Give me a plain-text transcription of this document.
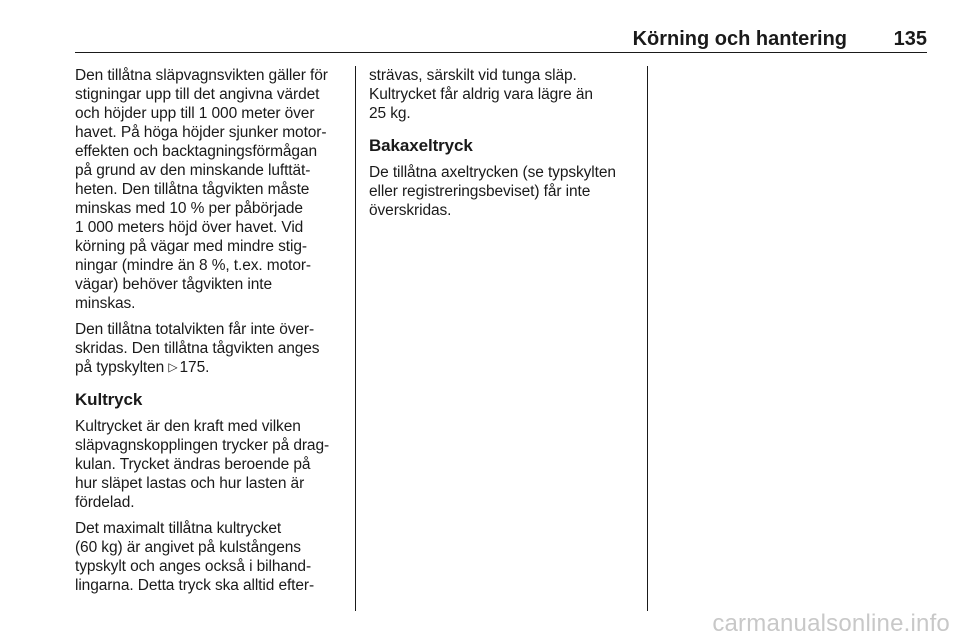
Körning och hantering 135
Den tillåtna släpvagnsvikten gäller för
stigningar upp till det angivna värdet
och höjder upp till 1 000 meter över
havet. På höga höjder sjunker motor-
effekten och backtagningsförmågan
på grund av den minskande lufttät-
heten. Den tillåtna tågvikten måste
minskas med 10 % per påbörjade
1 000 meters höjd över havet. Vid
körning på vägar med mindre stig-
ningar (mindre än 8 %, t.ex. motor-
vägar) behöver tågvikten inte
minskas.
Den tillåtna totalvikten får inte över-
skridas. Den tillåtna tågvikten anges
på typskylten ▷ 175.
Kultryck
Kultrycket är den kraft med vilken
släpvagnskopplingen trycker på drag-
kulan. Trycket ändras beroende på
hur släpet lastas och hur lasten är
fördelad.
Det maximalt tillåtna kultrycket
(60 kg) är angivet på kulstångens
typskylt och anges också i bilhand-
lingarna. Detta tryck ska alltid efter-
strävas, särskilt vid tunga släp.
Kultrycket får aldrig vara lägre än
25 kg.
Bakaxeltryck
De tillåtna axeltrycken (se typskylten
eller registreringsbeviset) får inte
överskridas.
carmanualsonline.info
